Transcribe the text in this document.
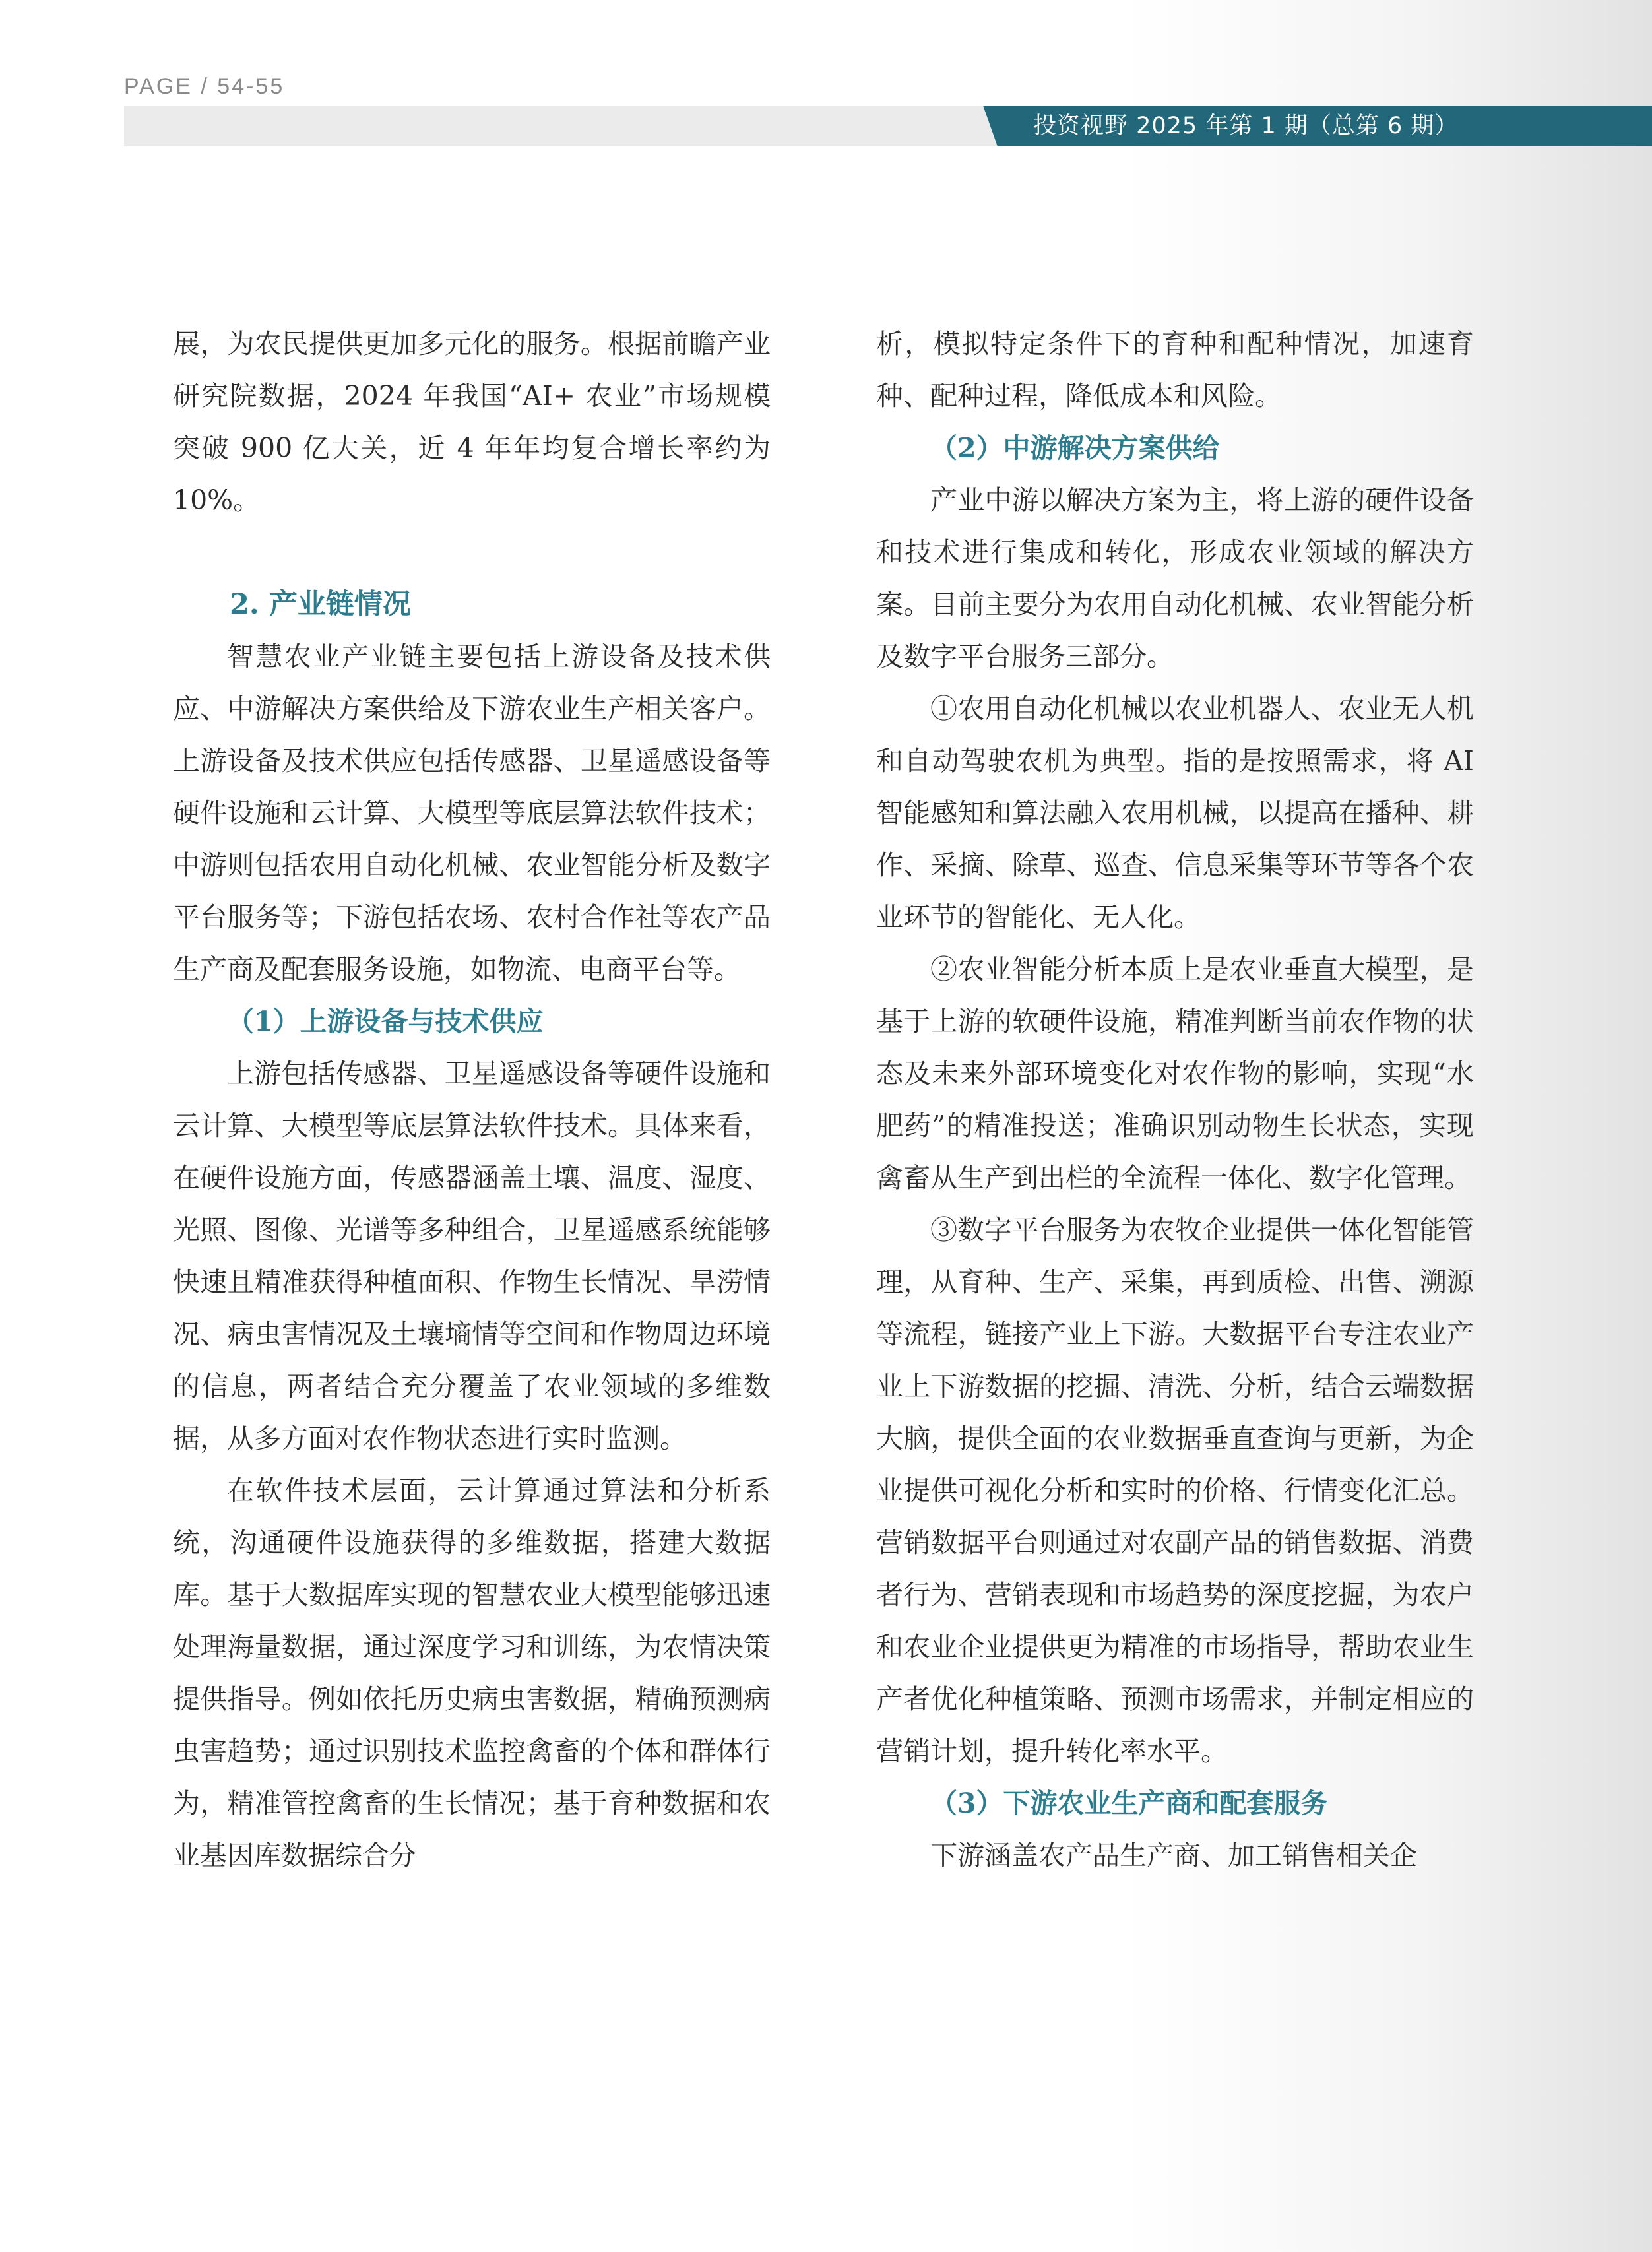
PAGE / 54-55
投资视野 2025 年第 1 期（总第 6 期）

展，为农民提供更加多元化的服务。根据前瞻产业研究院数据，2024 年我国“AI+ 农业”市场规模突破 900 亿大关，近 4 年年均复合增长率约为 10%。

2. 产业链情况

智慧农业产业链主要包括上游设备及技术供应、中游解决方案供给及下游农业生产相关客户。上游设备及技术供应包括传感器、卫星遥感设备等硬件设施和云计算、大模型等底层算法软件技术；中游则包括农用自动化机械、农业智能分析及数字平台服务等；下游包括农场、农村合作社等农产品生产商及配套服务设施，如物流、电商平台等。

（1）上游设备与技术供应

上游包括传感器、卫星遥感设备等硬件设施和云计算、大模型等底层算法软件技术。具体来看，在硬件设施方面，传感器涵盖土壤、温度、湿度、光照、图像、光谱等多种组合，卫星遥感系统能够快速且精准获得种植面积、作物生长情况、旱涝情况、病虫害情况及土壤墒情等空间和作物周边环境的信息，两者结合充分覆盖了农业领域的多维数据，从多方面对农作物状态进行实时监测。

在软件技术层面，云计算通过算法和分析系统，沟通硬件设施获得的多维数据，搭建大数据库。基于大数据库实现的智慧农业大模型能够迅速处理海量数据，通过深度学习和训练，为农情决策提供指导。例如依托历史病虫害数据，精确预测病虫害趋势；通过识别技术监控禽畜的个体和群体行为，精准管控禽畜的生长情况；基于育种数据和农业基因库数据综合分

析，模拟特定条件下的育种和配种情况，加速育种、配种过程，降低成本和风险。

（2）中游解决方案供给

产业中游以解决方案为主，将上游的硬件设备和技术进行集成和转化，形成农业领域的解决方案。目前主要分为农用自动化机械、农业智能分析及数字平台服务三部分。

①农用自动化机械以农业机器人、农业无人机和自动驾驶农机为典型。指的是按照需求，将 AI 智能感知和算法融入农用机械，以提高在播种、耕作、采摘、除草、巡查、信息采集等环节等各个农业环节的智能化、无人化。

②农业智能分析本质上是农业垂直大模型，是基于上游的软硬件设施，精准判断当前农作物的状态及未来外部环境变化对农作物的影响，实现“水肥药”的精准投送；准确识别动物生长状态，实现禽畜从生产到出栏的全流程一体化、数字化管理。

③数字平台服务为农牧企业提供一体化智能管理，从育种、生产、采集，再到质检、出售、溯源等流程，链接产业上下游。大数据平台专注农业产业上下游数据的挖掘、清洗、分析，结合云端数据大脑，提供全面的农业数据垂直查询与更新，为企业提供可视化分析和实时的价格、行情变化汇总。营销数据平台则通过对农副产品的销售数据、消费者行为、营销表现和市场趋势的深度挖掘，为农户和农业企业提供更为精准的市场指导，帮助农业生产者优化种植策略、预测市场需求，并制定相应的营销计划，提升转化率水平。

（3）下游农业生产商和配套服务

下游涵盖农产品生产商、加工销售相关企
